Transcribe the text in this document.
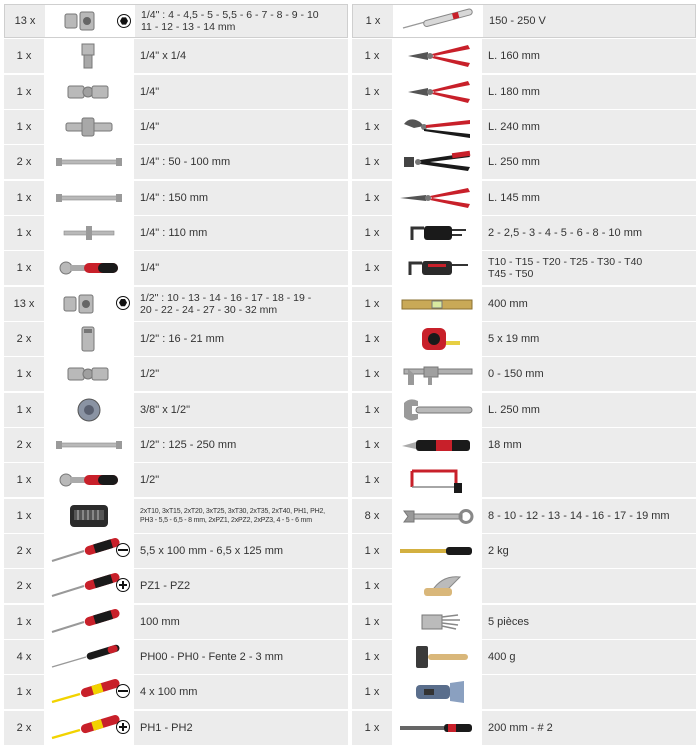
13 x	1/4" : 4 - 4,5 - 5 - 5,5 - 6 - 7 - 8 - 9 - 10
11 - 12 - 13 - 14 mm
1 x	1/4" x 1/4
1 x	1/4"
1 x	1/4"
2 x	1/4" : 50 - 100 mm
1 x	1/4" : 150 mm
1 x	1/4" : 110 mm
1 x	1/4"
13 x	1/2" : 10 - 13 - 14 - 16 - 17 - 18 - 19 -
20 - 22 - 24 - 27 - 30 - 32 mm
2 x	1/2" : 16 - 21 mm
1 x	1/2"
1 x	3/8" x 1/2"
2 x	1/2" : 125 - 250 mm
1 x	1/2"
1 x	2xT10, 3xT15, 2xT20, 3xT25, 3xT30, 2xT35, 2xT40, PH1, PH2,
PH3 - 5,5 - 6,5 - 8 mm, 2xPZ1, 2xPZ2, 2xPZ3, 4 - 5 - 6 mm
2 x	5,5 x 100 mm - 6,5 x 125 mm
2 x	PZ1 - PZ2
1 x	100 mm
4 x	PH00 - PH0 - Fente 2 - 3 mm
1 x	4 x 100 mm
2 x	PH1 - PH2
1 x	150 - 250 V
1 x	L. 160 mm
1 x	L. 180 mm
1 x	L. 240 mm
1 x	L. 250 mm
1 x	L. 145 mm
1 x	2 - 2,5 - 3 - 4 - 5 - 6 - 8 - 10 mm
1 x	T10 - T15 - T20 - T25 - T30 - T40
T45 - T50
1 x	400 mm
1 x	5 x 19 mm
1 x	0 - 150 mm
1 x	L. 250 mm
1 x	18 mm
1 x
8 x	8 - 10 - 12 - 13 - 14 - 16 - 17 - 19 mm
1 x	2 kg
1 x
1 x	5 pièces
1 x	400 g
1 x
1 x	200 mm - # 2
